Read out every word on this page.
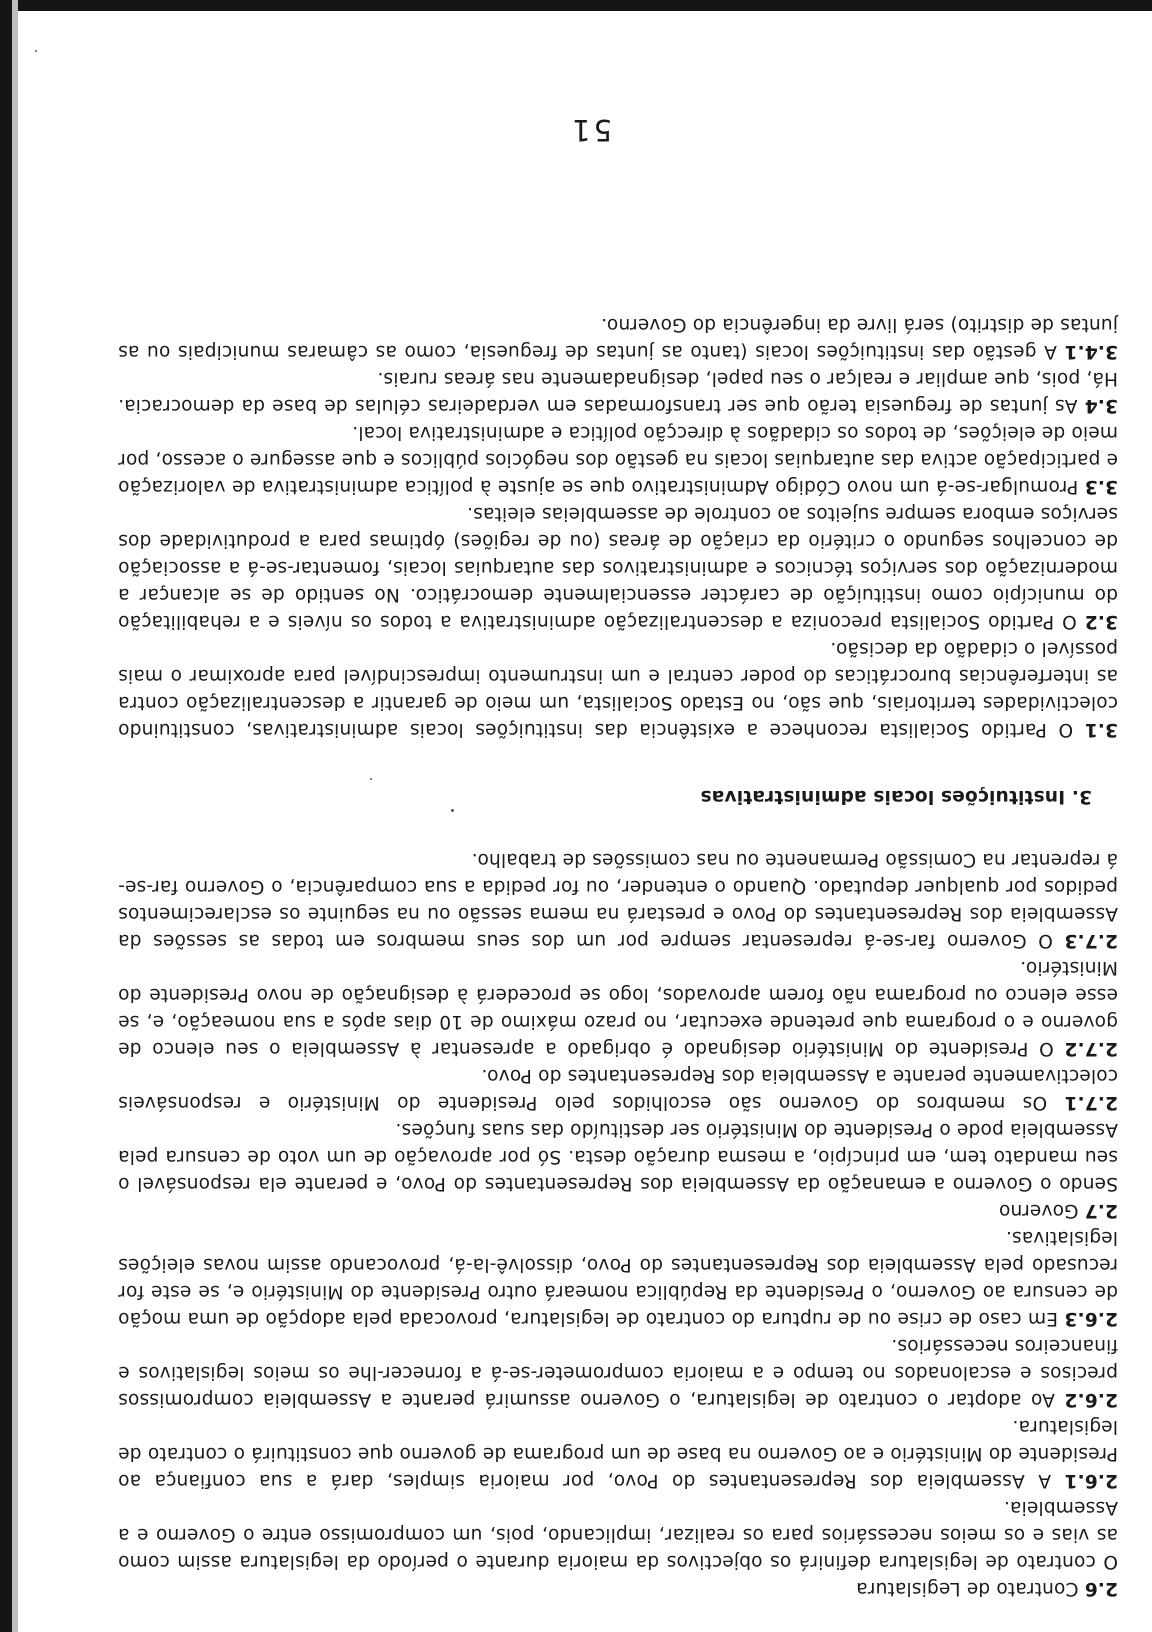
2.6 Contrato de Legislatura

O contrato de legislatura definirá os objectivos da maioria durante o período da legislatura assim como as vias e os meios necessários para os realizar, implicando, pois, um compromisso entre o Governo e a Assembleia.

2.6.1 A Assembleia dos Representantes do Povo, por maioria simples, dará a sua confiança ao Presidente do Ministério e ao Governo na base de um programa de governo que constituirá o contrato de legislatura.

2.6.2 Ao adoptar o contrato de legislatura, o Governo assumirá perante a Assembleia compromissos precisos e escalonados no tempo e a maioria comprometer-se-á a fornecer-lhe os meios legislativos e financeiros necessários.

2.6.3 Em caso de crise ou de ruptura do contrato de legislatura, provocada pela adopção de uma moção de censura ao Governo, o Presidente da República nomeará outro Presidente do Ministério e, se este for recusado pela Assembleia dos Representantes do Povo, dissolvê-la-á, provocando assim novas eleições legislativas.

2.7 Governo

Sendo o Governo a emanação da Assembleia dos Representantes do Povo, e perante ela responsável o seu mandato tem, em princípio, a mesma duração desta. Só por aprovação de um voto de censura pela Assembleia pode o Presidente do Ministério ser destituído das suas funções.

2.7.1 Os membros do Governo são escolhidos pelo Presidente do Ministério e responsáveis colectivamente perante a Assembleia dos Representantes do Povo.

2.7.2 O Presidente do Ministério designado é obrigado a apresentar à Assembleia o seu elenco de governo e o programa que pretende executar, no prazo máximo de 10 dias após a sua nomeação, e, se esse elenco ou programa não forem aprovados, logo se procederá à designação de novo Presidente do Ministério.

2.7.3 O Governo far-se-á representar sempre por um dos seus membros em todas as sessões da Assembleia dos Representantes do Povo e prestará na mema sessão ou na seguinte os esclarecimentos pedidos por qualquer deputado. Quando o entender, ou for pedida a sua comparência, o Governo far-se-á reprentar na Comissão Permanente ou nas comissões de trabalho.

3. Instituições locais administrativas

3.1 O Partido Socialista reconhece a existência das instituições locais administrativas, constituindo colectividades territoriais, que são, no Estado Socialista, um meio de garantir a descentralização contra as interferências burocráticas do poder central e um instrumento imprescindível para aproximar o mais possível o cidadão da decisão.

3.2 O Partido Socialista preconiza a descentralização administrativa a todos os níveis e a rehabilitação do município como instituição de carácter essencialmente democrático. No sentido de se alcançar a modernização dos serviços técnicos e administrativos das autarquias locais, fomentar-se-á a associação de concelhos segundo o critério da criação de áreas (ou de regiões) óptimas para a produtividade dos serviços embora sempre sujeitos ao controle de assembleias eleitas.

3.3 Promulgar-se-á um novo Código Administrativo que se ajuste à política administrativa de valorização e participação activa das autarquias locais na gestão dos negócios públicos e que assegure o acesso, por meio de eleições, de todos os cidadãos à direcção política e administrativa local.

3.4 As juntas de freguesia terão que ser transformadas em verdadeiras células de base da democracia. Há, pois, que ampliar e realçar o seu papel, designadamente nas áreas rurais.

3.4.1 A gestão das instituições locais (tanto as juntas de freguesia, como as câmaras municipais ou as juntas de distrito) será livre da ingerência do Governo.

51
